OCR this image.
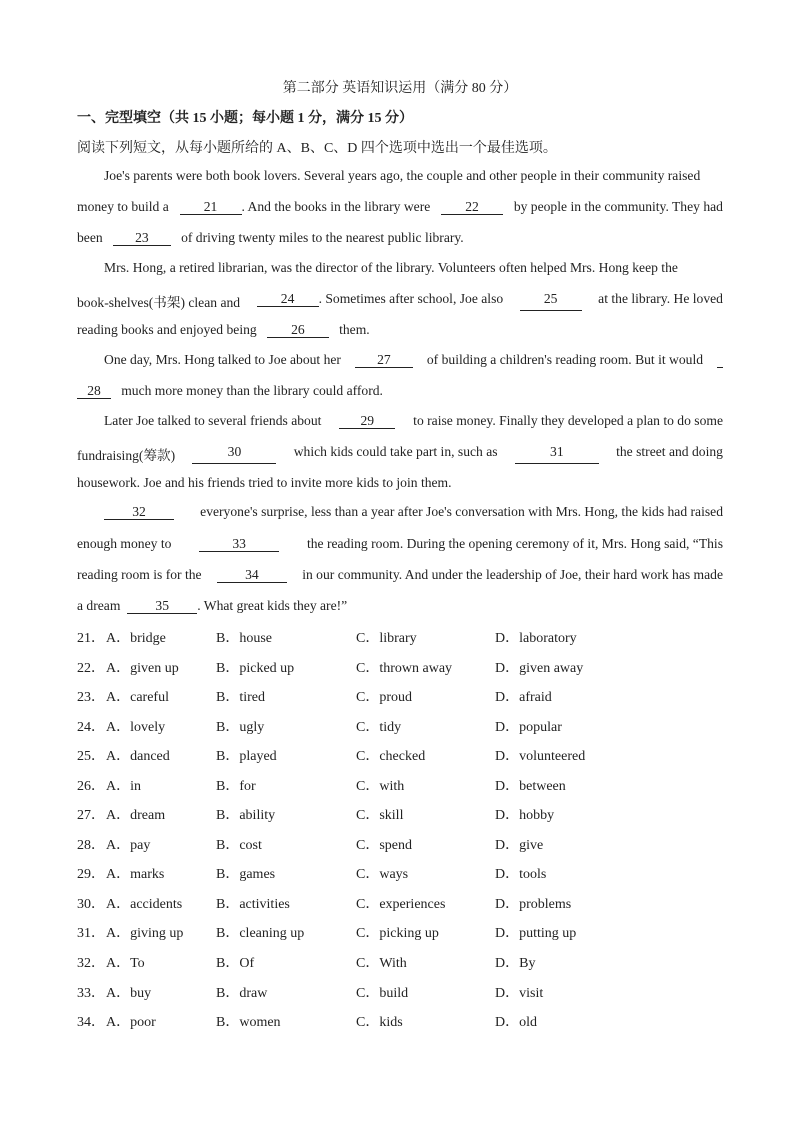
第二部分 英语知识运用（满分 80 分）
一、完型填空（共 15 小题；每小题 1 分，满分 15 分）
阅读下列短文，从每小题所给的 A、B、C、D 四个选项中选出一个最佳选项。
Joe's parents were both book lovers. Several years ago, the couple and other people in their community raised
money to build a	21 . And the books in the library were	22	by people in the community. They had
been 23 of driving twenty miles to the nearest public library.
Mrs. Hong, a retired librarian, was the director of the library. Volunteers often helped Mrs. Hong keep the
book-shelves(书架) clean and	24 . Sometimes after school, Joe also	25	at the library. He loved
reading books and enjoyed being	26	them.
One day, Mrs. Hong talked to Joe about her	27	of building a children's reading room. But it would
28 much more money than the library could afford.
Later Joe talked to several friends about	29	to raise money. Finally they developed a plan to do some
fundraising(筹款)	30	which kids could take part in, such as	31	the street and doing
housework. Joe and his friends tried to invite more kids to join them.
32	everyone's surprise, less than a year after Joe's conversation with Mrs. Hong, the kids had raised
enough money to	33	the reading room. During the opening ceremony of it, Mrs. Hong said, “This
reading room is for the	34	in our community. And under the leadership of Joe, their hard work has made
a dream	35 . What great kids they are!”
21． A．bridge	B．house	C．library	D．laboratory
22． A．given up	B．picked up	C．thrown away	D．given away
23． A．careful	B．tired	C．proud	D．afraid
24． A．lovely	B．ugly	C．tidy	D．popular
25． A．danced	B．played	C．checked	D．volunteered
26． A．in	B．for	C．with	D．between
27． A．dream	B．ability	C．skill	D．hobby
28． A．pay	B．cost	C．spend	D．give
29． A．marks	B．games	C．ways	D．tools
30． A．accidents B．activities	C．experiences	D．problems
31． A．giving up B．cleaning up	C．picking up	D．putting up
32． A．To	B．Of	C．With	D．By
33． A．buy	B．draw	C．build	D．visit
34． A．poor	B．women	C．kids	D．old
